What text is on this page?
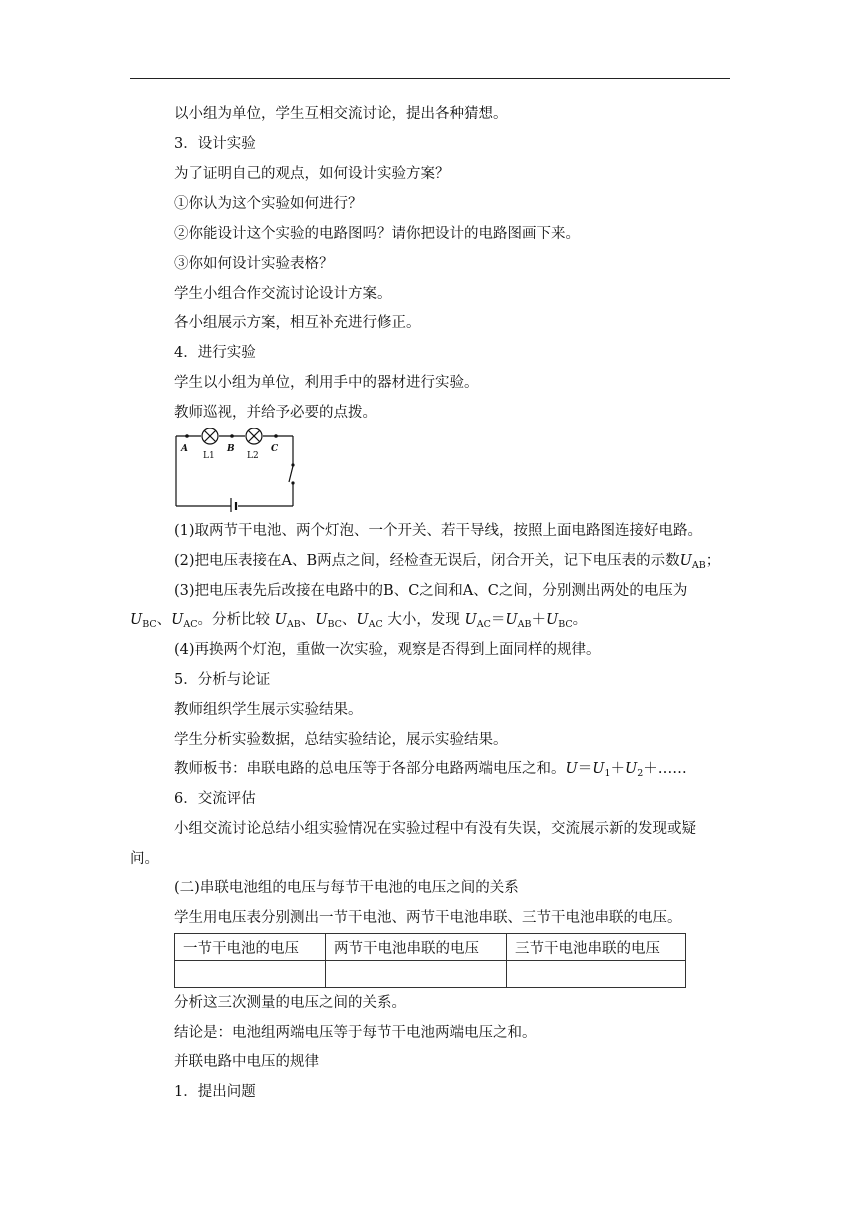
以小组为单位，学生互相交流讨论，提出各种猜想。
3．设计实验
为了证明自己的观点，如何设计实验方案？
①你认为这个实验如何进行？
②你能设计这个实验的电路图吗？请你把设计的电路图画下来。
③你如何设计实验表格？
学生小组合作交流讨论设计方案。
各小组展示方案，相互补充进行修正。
4．进行实验
学生以小组为单位，利用手中的器材进行实验。
教师巡视，并给予必要的点拨。
A	B	C
L1	L2
(1)取两节干电池、两个灯泡、一个开关、若干导线，按照上面电路图连接好电路。
(2)把电压表接在A、B两点之间，经检查无误后，闭合开关，记下电压表的示数$U_{AB}$；
(3)把电压表先后改接在电路中的B、C之间和A、C之间，分别测出两处的电压为
$U_{BC}$、$U_{AC}$。分析比较 $U_{AB}$、$U_{BC}$、$U_{AC}$ 大小，发现 $U_{AC}=U_{AB}+U_{BC}$。
(4)再换两个灯泡，重做一次实验，观察是否得到上面同样的规律。
5．分析与论证
教师组织学生展示实验结果。
学生分析实验数据，总结实验结论，展示实验结果。
教师板书：串联电路的总电压等于各部分电路两端电压之和。$U=U_1+U_2+\dots\dots$
6．交流评估
小组交流讨论总结小组实验情况在实验过程中有没有失误，交流展示新的发现或疑
问。
(二)串联电池组的电压与每节干电池的电压之间的关系
学生用电压表分别测出一节干电池、两节干电池串联、三节干电池串联的电压。
一节干电池的电压	两节干电池串联的电压	三节干电池串联的电压

分析这三次测量的电压之间的关系。
结论是：电池组两端电压等于每节干电池两端电压之和。
并联电路中电压的规律
1．提出问题
